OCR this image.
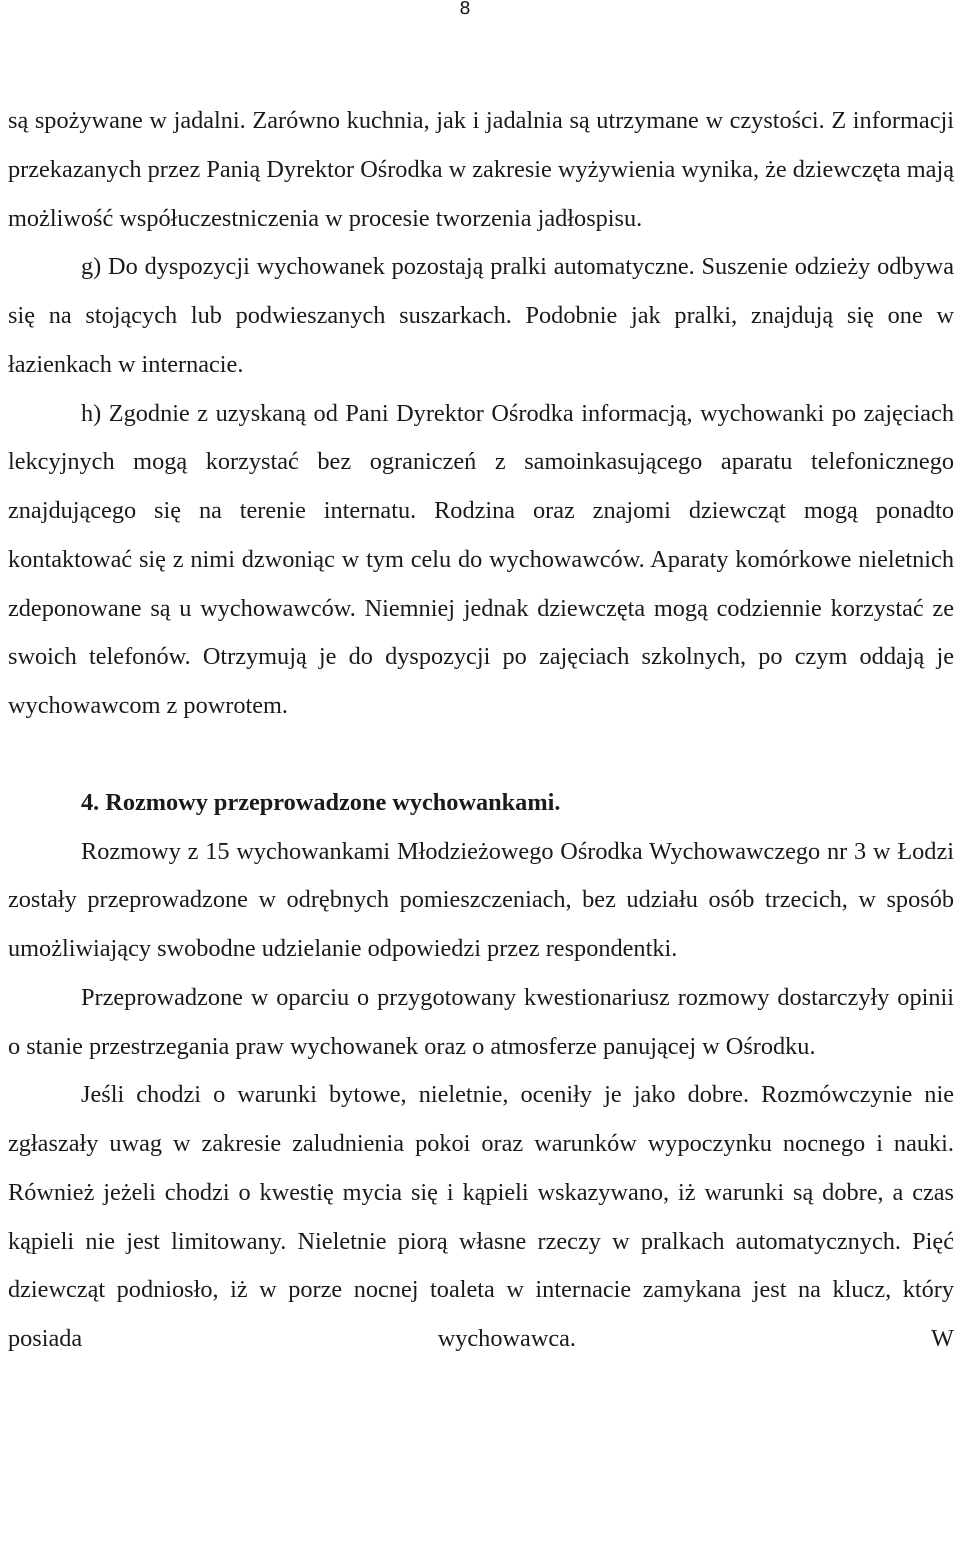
8

są spożywane w jadalni. Zarówno kuchnia, jak i jadalnia są utrzymane w czystości. Z informacji przekazanych przez Panią Dyrektor Ośrodka w zakresie wyżywienia wynika, że dziewczęta mają możliwość współuczestniczenia w procesie tworzenia jadłospisu.

g) Do dyspozycji wychowanek pozostają pralki automatyczne. Suszenie odzieży odbywa się na stojących lub podwieszanych suszarkach. Podobnie jak pralki, znajdują się one w łazienkach w internacie.

h) Zgodnie z uzyskaną od Pani Dyrektor Ośrodka informacją, wychowanki po zajęciach lekcyjnych mogą korzystać bez ograniczeń z samoinkasującego aparatu telefonicznego znajdującego się na terenie internatu. Rodzina oraz znajomi dziewcząt mogą ponadto kontaktować się z nimi dzwoniąc w tym celu do wychowawców. Aparaty komórkowe nieletnich zdeponowane są u wychowawców. Niemniej jednak dziewczęta mogą codziennie korzystać ze swoich telefonów. Otrzymują je do dyspozycji po zajęciach szkolnych, po czym oddają je wychowawcom z powrotem.

4. Rozmowy przeprowadzone wychowankami.

Rozmowy z 15 wychowankami Młodzieżowego Ośrodka Wychowawczego nr 3 w Łodzi zostały przeprowadzone w odrębnych pomieszczeniach, bez udziału osób trzecich, w sposób umożliwiający swobodne udzielanie odpowiedzi przez respondentki.

Przeprowadzone w oparciu o przygotowany kwestionariusz rozmowy dostarczyły opinii o stanie przestrzegania praw wychowanek oraz o atmosferze panującej w Ośrodku.

Jeśli chodzi o warunki bytowe, nieletnie, oceniły je jako dobre. Rozmówczynie nie zgłaszały uwag w zakresie zaludnienia pokoi oraz warunków wypoczynku nocnego i nauki. Również jeżeli chodzi o kwestię mycia się i kąpieli wskazywano, iż warunki są dobre, a czas kąpieli nie jest limitowany. Nieletnie piorą własne rzeczy w pralkach automatycznych. Pięć dziewcząt podniosło, iż w porze nocnej toaleta w internacie zamykana jest na klucz, który posiada wychowawca. W
